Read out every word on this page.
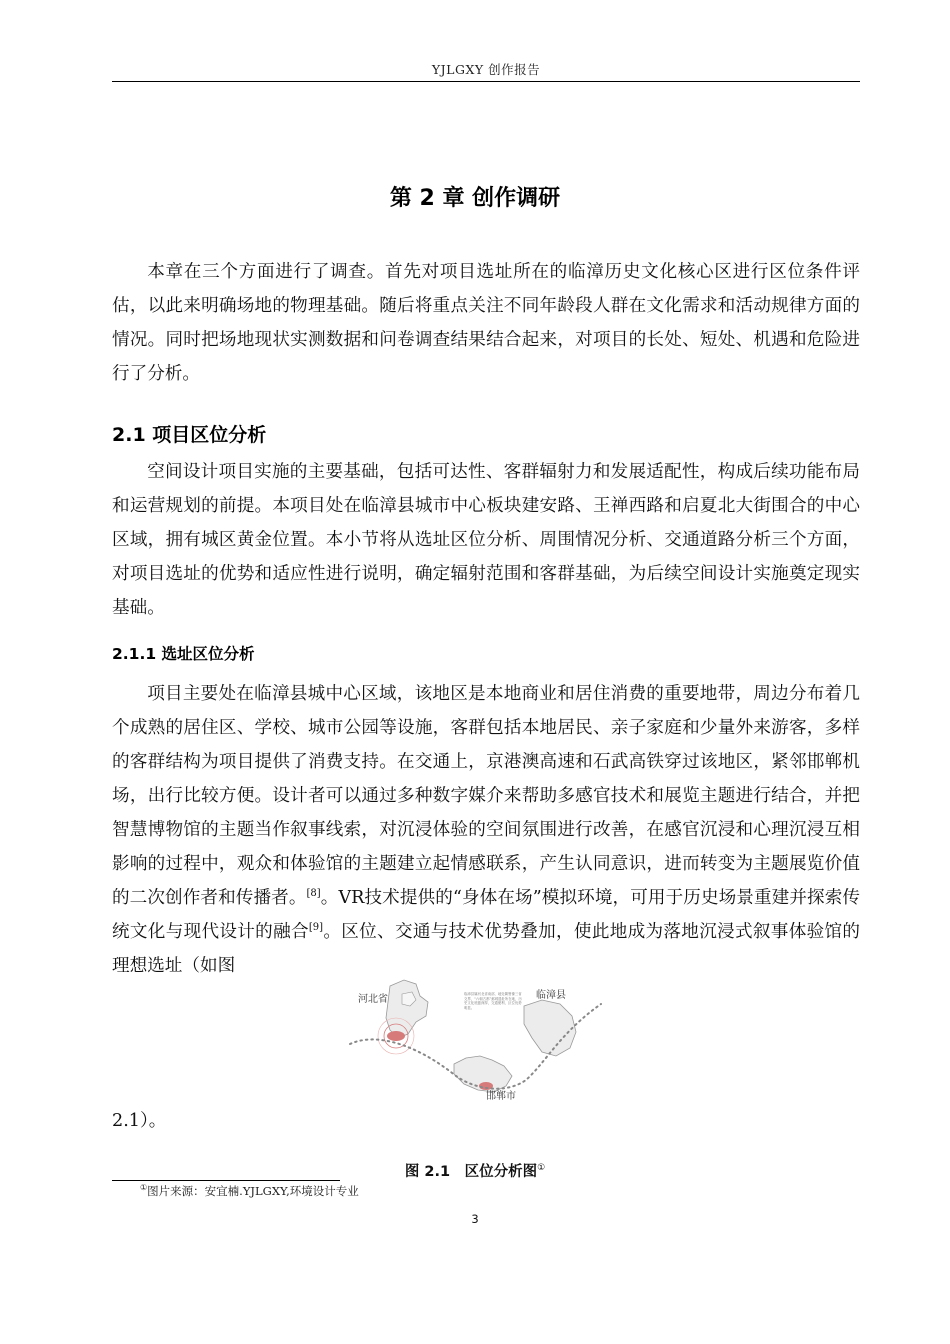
YJLGXY 创作报告
第 2 章 创作调研

本章在三个方面进行了调查。首先对项目选址所在的临漳历史文化核心区进行区位条件评估，以此来明确场地的物理基础。随后将重点关注不同年龄段人群在文化需求和活动规律方面的情况。同时把场地现状实测数据和问卷调查结果结合起来，对项目的长处、短处、机遇和危险进行了分析。

2.1 项目区位分析

空间设计项目实施的主要基础，包括可达性、客群辐射力和发展适配性，构成后续功能布局和运营规划的前提。本项目处在临漳县城市中心板块建安路、王禅西路和启夏北大街围合的中心区域，拥有城区黄金位置。本小节将从选址区位分析、周围情况分析、交通道路分析三个方面，对项目选址的优势和适应性进行说明，确定辐射范围和客群基础，为后续空间设计实施奠定现实基础。

2.1.1 选址区位分析

项目主要处在临漳县城中心区域，该地区是本地商业和居住消费的重要地带，周边分布着几个成熟的居住区、学校、城市公园等设施，客群包括本地居民、亲子家庭和少量外来游客，多样的客群结构为项目提供了消费支持。在交通上，京港澳高速和石武高铁穿过该地区，紧邻邯郸机场，出行比较方便。设计者可以通过多种数字媒介来帮助多感官技术和展览主题进行结合，并把智慧博物馆的主题当作叙事线索，对沉浸体验的空间氛围进行改善，在感官沉浸和心理沉浸互相影响的过程中，观众和体验馆的主题建立起情感联系，产生认同意识，进而转变为主题展览价值的二次创作者和传播者。[8]。VR技术提供的“身体在场”模拟环境，可用于历史场景重建并探索传统文化与现代设计的融合[9]。区位、交通与技术优势叠加，使此地成为落地沉浸式叙事体验馆的理想选址（如图

临漳县属河北省南部，地处冀鲁豫三省交界，“六朝古都”邺城遗址所在地，历史文化底蕴深厚，交通便利，区位优势明显。
河北省	临漳县
邯郸市
2.1）。
图 2.1　区位分析图①
①图片来源：安宜楠.YJLGXY,环境设计专业
3
